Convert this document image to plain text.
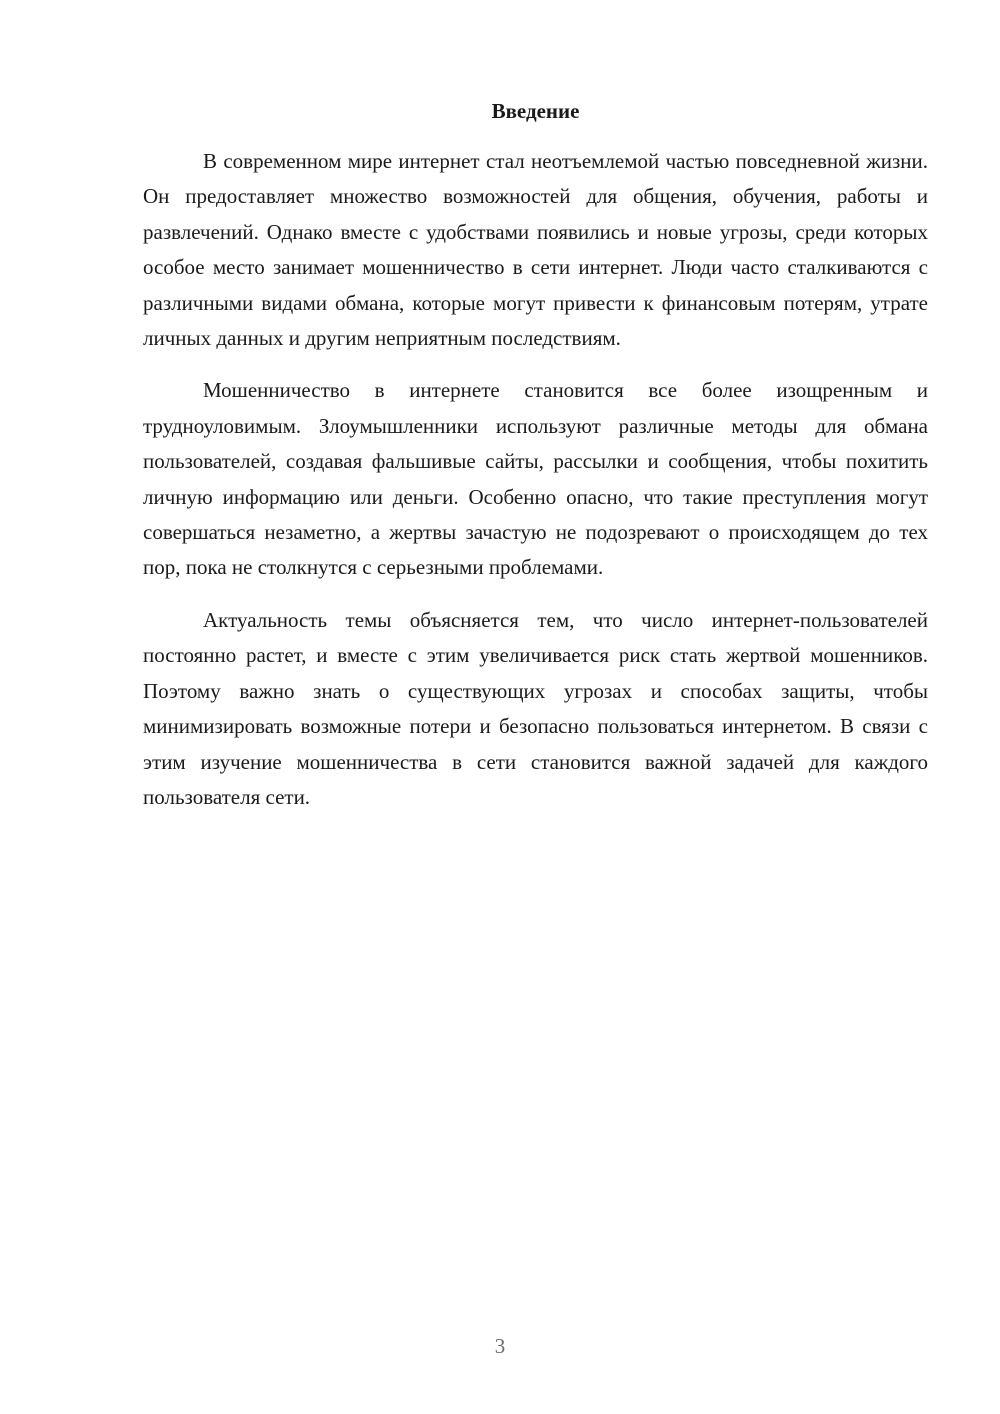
Введение

В современном мире интернет стал неотъемлемой частью повседневной жизни. Он предоставляет множество возможностей для общения, обучения, работы и развлечений. Однако вместе с удобствами появились и новые угрозы, среди которых особое место занимает мошенничество в сети интернет. Люди часто сталкиваются с различными видами обмана, которые могут привести к финансовым потерям, утрате личных данных и другим неприятным последствиям.

Мошенничество в интернете становится все более изощренным и трудноуловимым. Злоумышленники используют различные методы для обмана пользователей, создавая фальшивые сайты, рассылки и сообщения, чтобы похитить личную информацию или деньги. Особенно опасно, что такие преступления могут совершаться незаметно, а жертвы зачастую не подозревают о происходящем до тех пор, пока не столкнутся с серьезными проблемами.

Актуальность темы объясняется тем, что число интернет-пользователей постоянно растет, и вместе с этим увеличивается риск стать жертвой мошенников. Поэтому важно знать о существующих угрозах и способах защиты, чтобы минимизировать возможные потери и безопасно пользоваться интернетом. В связи с этим изучение мошенничества в сети становится важной задачей для каждого пользователя сети.

3
